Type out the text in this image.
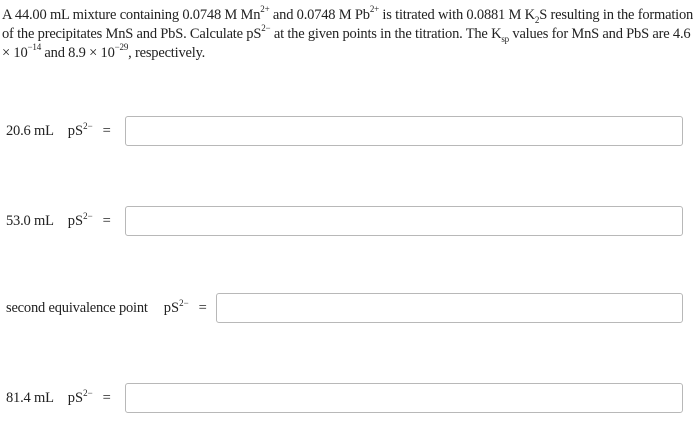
A 44.00 mL mixture containing 0.0748 M $Mn^{2+}$ and 0.0748 M $Pb^{2+}$ is titrated with 0.0881 M $K_2S$ resulting in the formation of the precipitates MnS and PbS. Calculate $pS^{2-}$ at the given points in the titration. The $K_{sp}$ values for MnS and PbS are $4.6 \times 10^{-14}$ and $8.9 \times 10^{-29}$, respectively.
20.6 mL $pS^{2-}$ =
53.0 mL $pS^{2-}$ =
second equivalence point $pS^{2-}$ =
81.4 mL $pS^{2-}$ =
